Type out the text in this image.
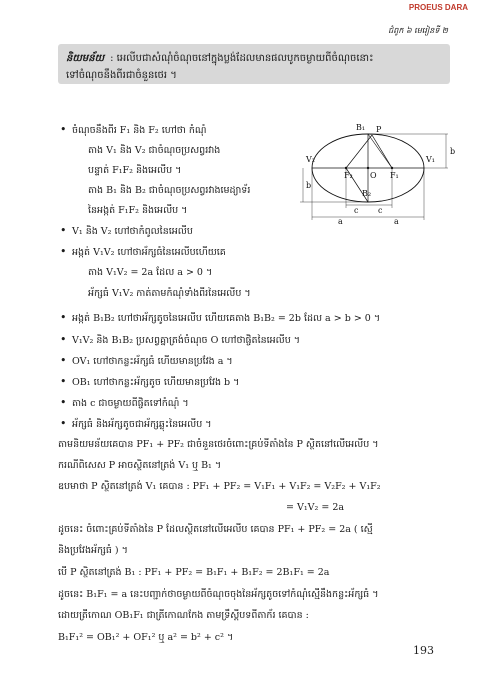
PROEUS DARA
ជំពូក ៦ មេរៀនទី ២
និយមន័យ : អេលីបជាសំណុំចំណុចនៅក្នុងប្លង់ដែលមានផលបូកចម្ងាយពីចំណុចនោះ
ទៅចំណុចនឹងពីរជាចំនួនថេរ ។
B₁ P
V₂	V₁
F₂ O F₁
B₂
b
b
c c
a	a
• ចំណុចនឹងពីរ F₁ និង F₂ ហៅថា កំណុំ
តាង V₁ និង V₂ ជាចំណុចប្រសព្វរវាង
បន្ទាត់ F₁F₂ និងអេលីប ។
តាង B₁ និង B₂ ជាចំណុចប្រសព្វរវាងមេដ្យាទ័រ
នៃអង្កត់ F₁F₂ និងអេលីប ។
• V₁ និង V₂ ហៅថាកំពូលនៃអេលីប
• អង្កត់ V₁V₂ ហៅថាអ័ក្សធំនៃអេលីបហើយគេ
តាង V₁V₂ = 2a ដែល a > 0 ។
អ័ក្សធំ V₁V₂ កាត់តាមកំណុំទាំងពីរនៃអេលីប ។
• អង្កត់ B₁B₂ ហៅថាអ័ក្សតូចនៃអេលីប ហើយគេតាង B₁B₂ = 2b ដែល a > b > 0 ។
• V₁V₂ និង B₁B₂ ប្រសព្វគ្នាត្រង់ចំណុច O ហៅថាផ្ចិតនៃអេលីប ។
• OV₁ ហៅថាកន្លះអ័ក្សធំ ហើយមានប្រវែង a ។
• OB₁ ហៅថាកន្លះអ័ក្សតូច ហើយមានប្រវែង b ។
• តាង c ជាចម្ងាយពីផ្ចិតទៅកំណុំ ។
• អ័ក្សធំ និងអ័ក្សតូចជាអ័ក្សឆ្លុះនៃអេលីប ។
តាមនិយមន័យគេបាន PF₁ + PF₂ ជាចំនួនថេរចំពោះគ្រប់ទីតាំងនៃ P ស្ថិតនៅលើអេលីប ។
ករណីពិសេស P អាចស្ថិតនៅត្រង់ V₁ ឬ B₁ ។
ឧបមាថា P ស្ថិតនៅត្រង់ V₁ គេបាន : PF₁ + PF₂ = V₁F₁ + V₁F₂ = V₂F₂ + V₁F₂
= V₁V₂ = 2a
ដូចនេះ ចំពោះគ្រប់ទីតាំងនៃ P ដែលស្ថិតនៅលើអេលីប គេបាន PF₁ + PF₂ = 2a ( ស្មើ
និងប្រវែងអ័ក្សធំ ) ។
បើ P ស្ថិតនៅត្រង់ B₁ : PF₁ + PF₂ = B₁F₁ + B₁F₂ = 2B₁F₁ = 2a
ដូចនេះ B₁F₁ = a នេះបញ្ជាក់ថាចម្ងាយពីចំណុចចុងនៃអ័ក្សតូចទៅកំណុំស្មើនឹងកន្លះអ័ក្សធំ ។
ដោយត្រីកោណ OB₁F₁ ជាត្រីកោណកែង តាមទ្រឹស្តីបទពីតាក័រ គេបាន :
B₁F₁² = OB₁² + OF₁² ឬ a² = b² + c² ។
193
